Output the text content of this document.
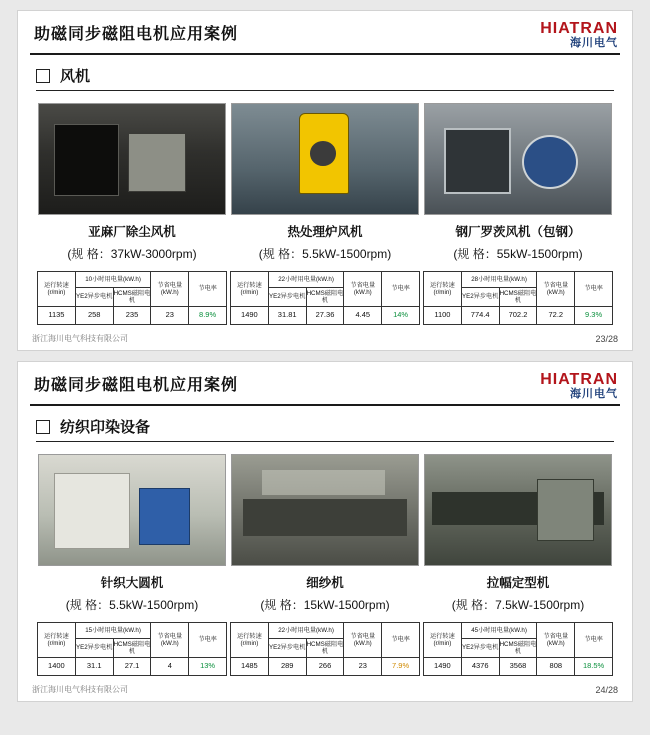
助磁同步磁阻电机应用案例	HIATRAN
海川电气
风机
亚麻厂除尘风机
(规 格：37kW-3000rpm)
运行转速 (r/min)	10小时用电量(kW.h)		节省电量 (kW.h)	节电率
	YE2异步电机	HCMS磁阻电机		
1135	258	235	23	8.9%
热处理炉风机
(规 格：5.5kW-1500rpm)
运行转速 (r/min)	22小时用电量(kW.h)		节省电量 (kW.h)	节电率
	YE2异步电机	HCMS磁阻电机		
1490	31.81	27.36	4.45	14%
钢厂罗茨风机（包钢）
(规 格：55kW-1500rpm)
运行转速 (r/min)	28小时用电量(kW.h)		节省电量 (kW.h)	节电率
	YE2异步电机	HCMS磁阻电机		
1100	774.4	702.2	72.2	9.3%
浙江海川电气科技有限公司	23/28
助磁同步磁阻电机应用案例	HIATRAN
海川电气
纺织印染设备
针织大圆机
(规 格：5.5kW-1500rpm)
运行转速 (r/min)	15小时用电量(kW.h)		节省电量 (kW.h)	节电率
	YE2异步电机	HCMS磁阻电机		
1400	31.1	27.1	4	13%
细纱机
(规 格：15kW-1500rpm)
运行转速 (r/min)	22小时用电量(kW.h)		节省电量 (kW.h)	节电率
	YE2异步电机	HCMS磁阻电机		
1485	289	266	23	7.9%
拉幅定型机
(规 格：7.5kW-1500rpm)
运行转速 (r/min)	45小时用电量(kW.h)		节省电量 (kW.h)	节电率
	YE2异步电机	HCMS磁阻电机		
1490	4376	3568	808	18.5%
浙江海川电气科技有限公司	24/28
